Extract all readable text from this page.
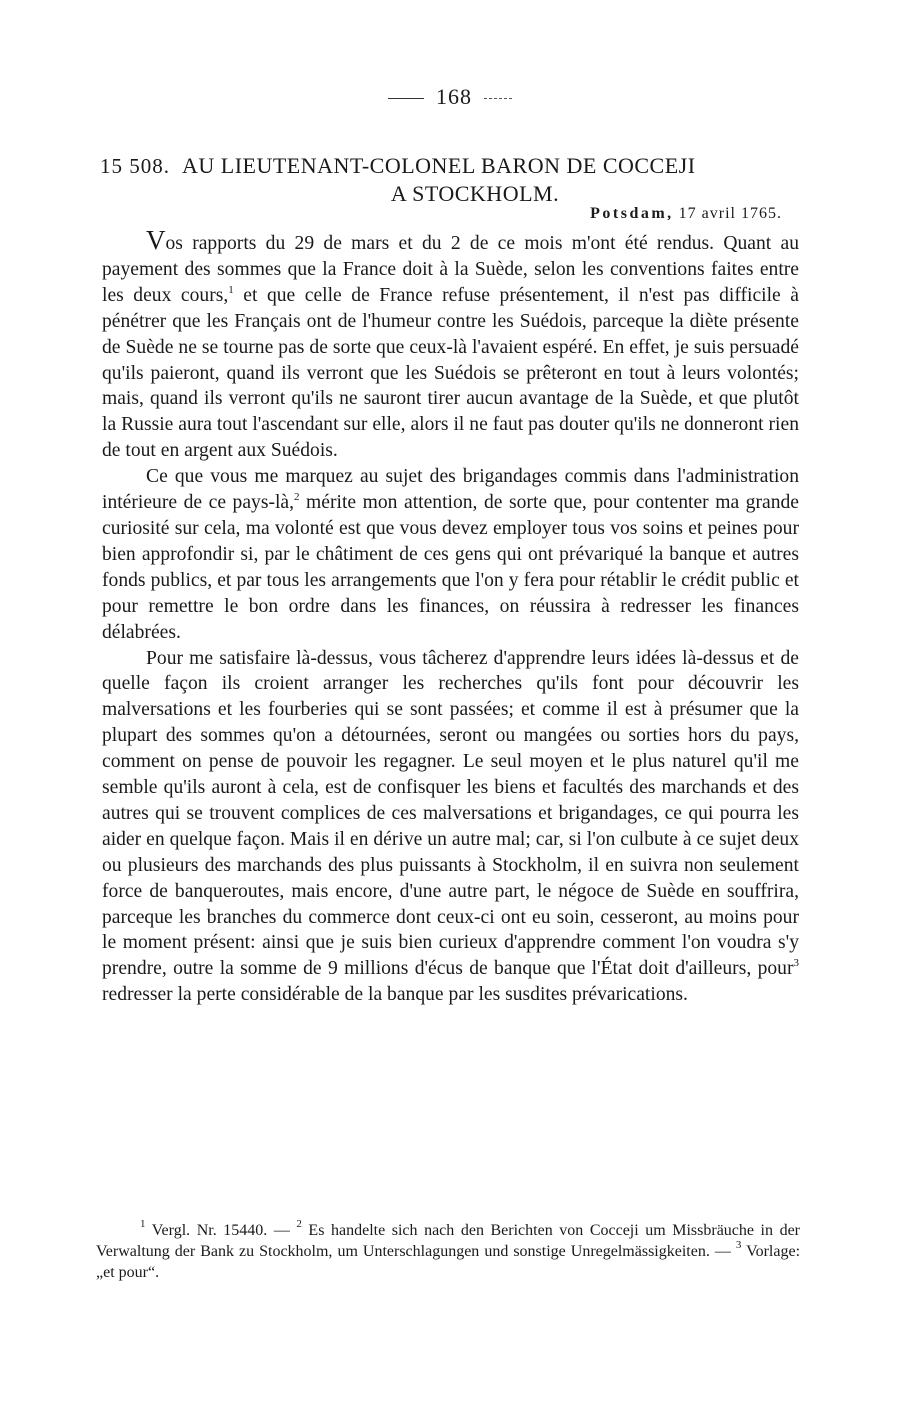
168
15 508. AU LIEUTENANT-COLONEL BARON DE COCCEJI
A STOCKHOLM.
Potsdam, 17 avril 1765.

Vos rapports du 29 de mars et du 2 de ce mois m'ont été rendus. Quant au payement des sommes que la France doit à la Suède, selon les conventions faites entre les deux cours,$^1$ et que celle de France refuse présentement, il n'est pas difficile à pénétrer que les Français ont de l'humeur contre les Suédois, parceque la diète présente de Suède ne se tourne pas de sorte que ceux-là l'avaient espéré. En effet, je suis persuadé qu'ils paieront, quand ils verront que les Suédois se prêteront en tout à leurs volontés; mais, quand ils verront qu'ils ne sauront tirer aucun avantage de la Suède, et que plutôt la Russie aura tout l'ascendant sur elle, alors il ne faut pas douter qu'ils ne donneront rien de tout en argent aux Suédois.

Ce que vous me marquez au sujet des brigandages commis dans l'administration intérieure de ce pays-là,$^2$ mérite mon attention, de sorte que, pour contenter ma grande curiosité sur cela, ma volonté est que vous devez employer tous vos soins et peines pour bien approfondir si, par le châtiment de ces gens qui ont prévariqué la banque et autres fonds publics, et par tous les arrangements que l'on y fera pour rétablir le crédit public et pour remettre le bon ordre dans les finances, on réussira à redresser les finances délabrées.

Pour me satisfaire là-dessus, vous tâcherez d'apprendre leurs idées là-dessus et de quelle façon ils croient arranger les recherches qu'ils font pour découvrir les malversations et les fourberies qui se sont passées; et comme il est à présumer que la plupart des sommes qu'on a détournées, seront ou mangées ou sorties hors du pays, comment on pense de pouvoir les regagner. Le seul moyen et le plus naturel qu'il me semble qu'ils auront à cela, est de confisquer les biens et facultés des marchands et des autres qui se trouvent complices de ces malversations et brigandages, ce qui pourra les aider en quelque façon. Mais il en dérive un autre mal; car, si l'on culbute à ce sujet deux ou plusieurs des marchands des plus puissants à Stockholm, il en suivra non seulement force de banqueroutes, mais encore, d'une autre part, le négoce de Suède en souffrira, parceque les branches du commerce dont ceux-ci ont eu soin, cesseront, au moins pour le moment présent: ainsi que je suis bien curieux d'apprendre comment l'on voudra s'y prendre, outre la somme de 9 millions d'écus de banque que l'État doit d'ailleurs, pour$^3$ redresser la perte considérable de la banque par les susdites prévarications.

$^1$ Vergl. Nr. 15440. — $^2$ Es handelte sich nach den Berichten von Cocceji um Missbräuche in der Verwaltung der Bank zu Stockholm, um Unterschlagungen und sonstige Unregelmässigkeiten. — $^3$ Vorlage: „et pour“.
